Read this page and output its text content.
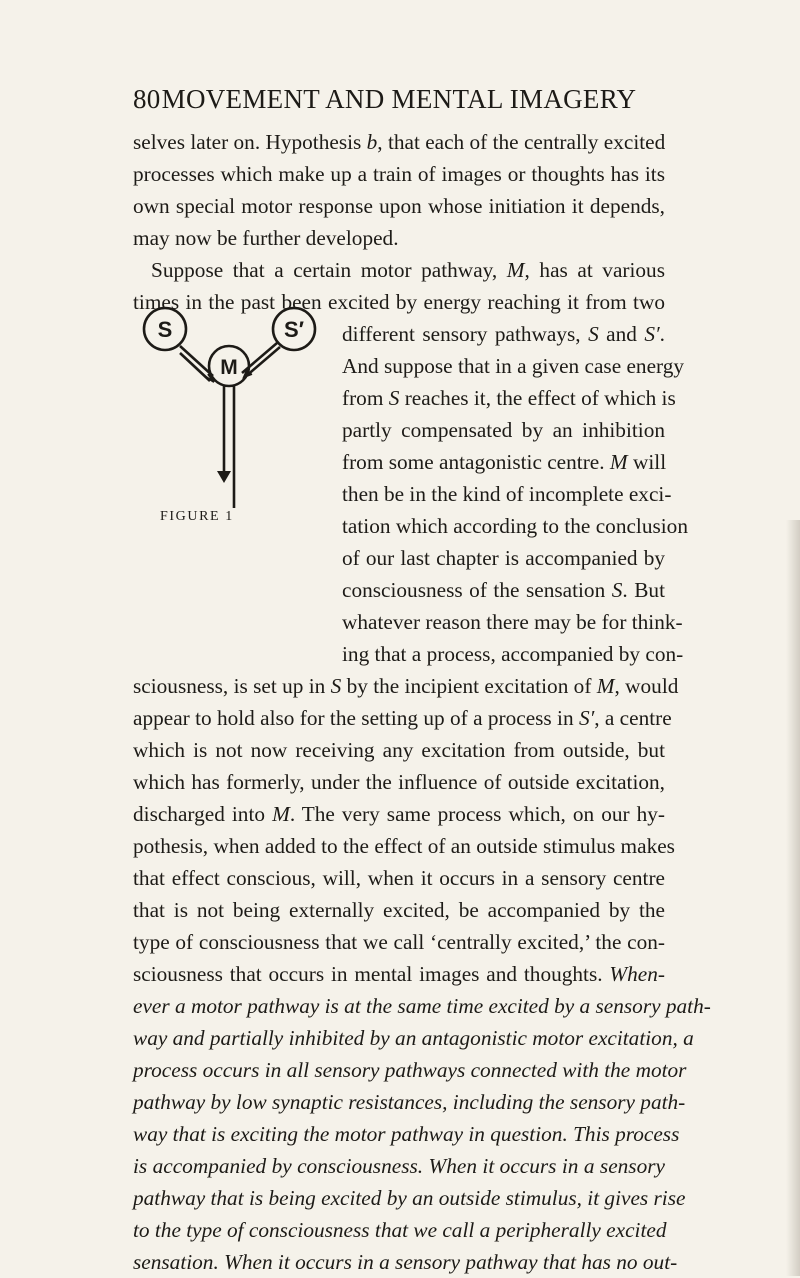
80 MOVEMENT AND MENTAL IMAGERY
S	S′
M
FIGURE 1
selves later on. Hypothesis b, that each of the centrally excited
processes which make up a train of images or thoughts has its
own special motor response upon whose initiation it depends,
may now be further developed.
Suppose that a certain motor pathway, M, has at various
times in the past been excited by energy reaching it from two
different sensory pathways, S and S′.
And suppose that in a given case energy
from S reaches it, the effect of which is
partly compensated by an inhibition
from some antagonistic centre. M will
then be in the kind of incomplete exci-
tation which according to the conclusion
of our last chapter is accompanied by
consciousness of the sensation S. But
whatever reason there may be for think-
ing that a process, accompanied by con-
sciousness, is set up in S by the incipient excitation of M, would
appear to hold also for the setting up of a process in S′, a centre
which is not now receiving any excitation from outside, but
which has formerly, under the influence of outside excitation,
discharged into M. The very same process which, on our hy-
pothesis, when added to the effect of an outside stimulus makes
that effect conscious, will, when it occurs in a sensory centre
that is not being externally excited, be accompanied by the
type of consciousness that we call ‘centrally excited,’ the con-
sciousness that occurs in mental images and thoughts. When-
ever a motor pathway is at the same time excited by a sensory path-
way and partially inhibited by an antagonistic motor excitation, a
process occurs in all sensory pathways connected with the motor
pathway by low synaptic resistances, including the sensory path-
way that is exciting the motor pathway in question. This process
is accompanied by consciousness. When it occurs in a sensory
pathway that is being excited by an outside stimulus, it gives rise
to the type of consciousness that we call a peripherally excited
sensation. When it occurs in a sensory pathway that has no out-
